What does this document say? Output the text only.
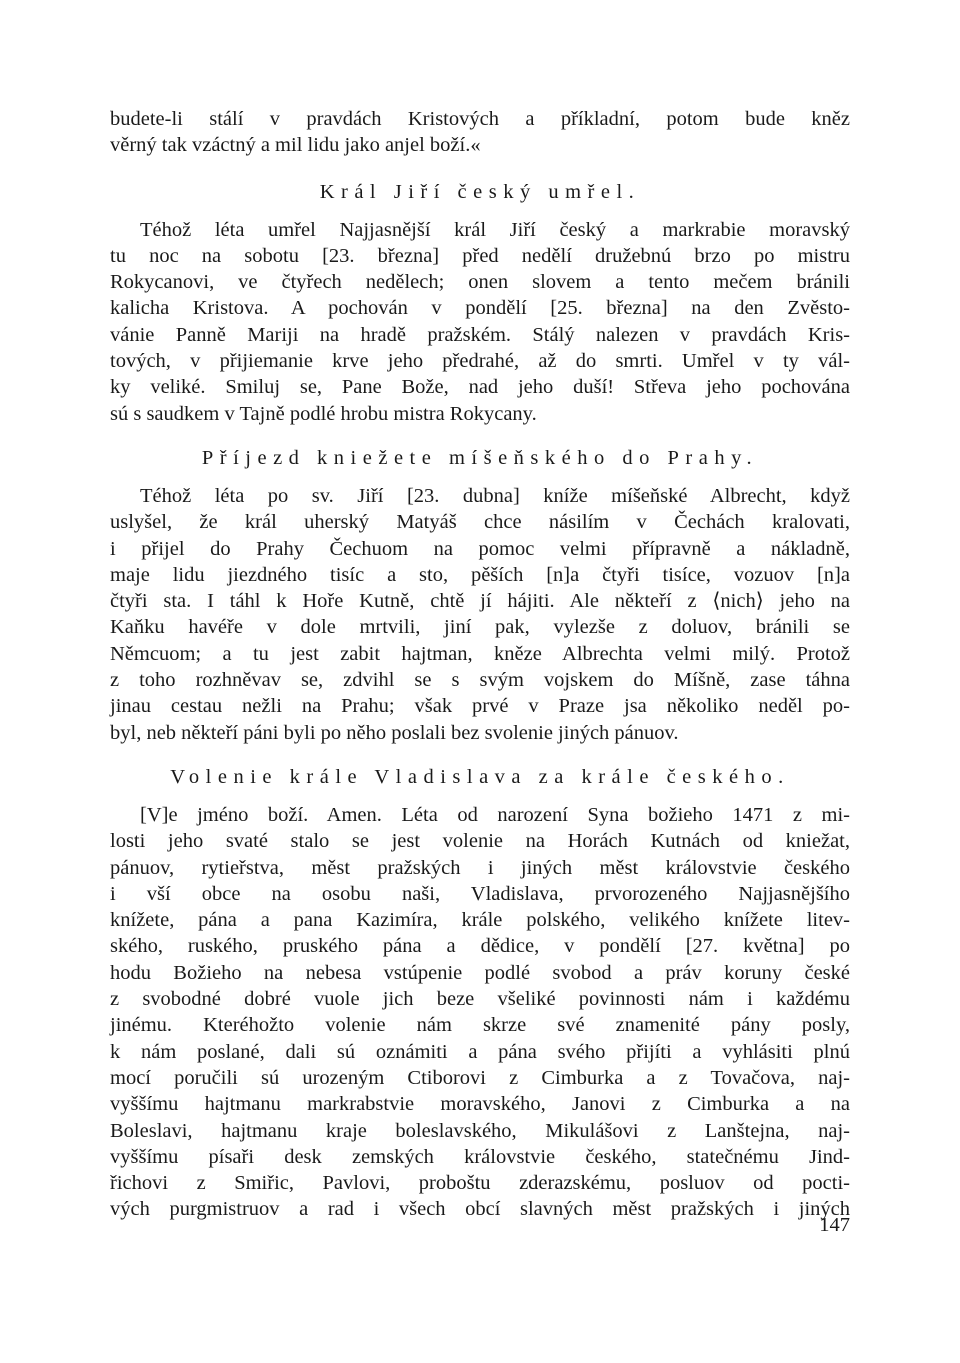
budete-li stálí v pravdách Kristových a příkladní, potom bude kněz
věrný tak vzáctný a mil lidu jako anjel boží.«
Král Jiří český umřel.
Téhož léta umřel Najjasnější král Jiří český a markrabie moravský
tu noc na sobotu [23. března] před nedělí družebnú brzo po mistru
Rokycanovi, ve čtyřech nedělech; onen slovem a tento mečem bránili
kalicha Kristova. A pochován v pondělí [25. března] na den Zvěsto-
vánie Panně Mariji na hradě pražském. Stálý nalezen v pravdách Kris-
tových, v přijiemanie krve jeho předrahé, až do smrti. Umřel v ty vál-
ky veliké. Smiluj se, Pane Bože, nad jeho duší! Střeva jeho pochována
sú s saudkem v Tajně podlé hrobu mistra Rokycany.
Příjezd kniežete míšeňského do Prahy.
Téhož léta po sv. Jiří [23. dubna] kníže míšeňské Albrecht, když
uslyšel, že král uherský Matyáš chce násilím v Čechách kralovati,
i přijel do Prahy Čechuom na pomoc velmi přípravně a nákladně,
maje lidu jiezdného tisíc a sto, pěších [n]a čtyři tisíce, vozuov [n]a
čtyři sta. I táhl k Hoře Kutně, chtě jí hájiti. Ale někteří z ⟨nich⟩ jeho na
Kaňku havéře v dole mrtvili, jiní pak, vylezše z doluov, bránili se
Němcuom; a tu jest zabit hajtman, kněze Albrechta velmi milý. Protož
z toho rozhněvav se, zdvihl se s svým vojskem do Míšně, zase táhna
jinau cestau nežli na Prahu; však prvé v Praze jsa několiko neděl po-
byl, neb někteří páni byli po něho poslali bez svolenie jiných pánuov.
Volenie krále Vladislava za krále českého.
[V]e jméno boží. Amen. Léta od narození Syna božieho 1471 z mi-
losti jeho svaté stalo se jest volenie na Horách Kutnách od kniežat,
pánuov, rytieřstva, měst pražských i jiných měst královstvie českého
i vší obce na osobu naši, Vladislava, prvorozeného Najjasnějšího
knížete, pána a pana Kazimíra, krále polského, velikého knížete litev-
ského, ruského, pruského pána a dědice, v pondělí [27. května] po
hodu Božieho na nebesa vstúpenie podlé svobod a práv koruny české
z svobodné dobré vuole jich beze všeliké povinnosti nám i každému
jinému. Kteréhožto volenie nám skrze své znamenité pány posly,
k nám poslané, dali sú oznámiti a pána svého přijíti a vyhlásiti plnú
mocí poručili sú urozeným Ctiborovi z Cimburka a z Tovačova, naj-
vyššímu hajtmanu markrabstvie moravského, Janovi z Cimburka a na
Boleslavi, hajtmanu kraje boleslavského, Mikulášovi z Lanštejna, naj-
vyššímu písaři desk zemských královstvie českého, statečnému Jind-
řichovi z Smiřic, Pavlovi, proboštu zderazskému, posluov od pocti-
vých purgmistruov a rad i všech obcí slavných měst pražských i jiných
147
